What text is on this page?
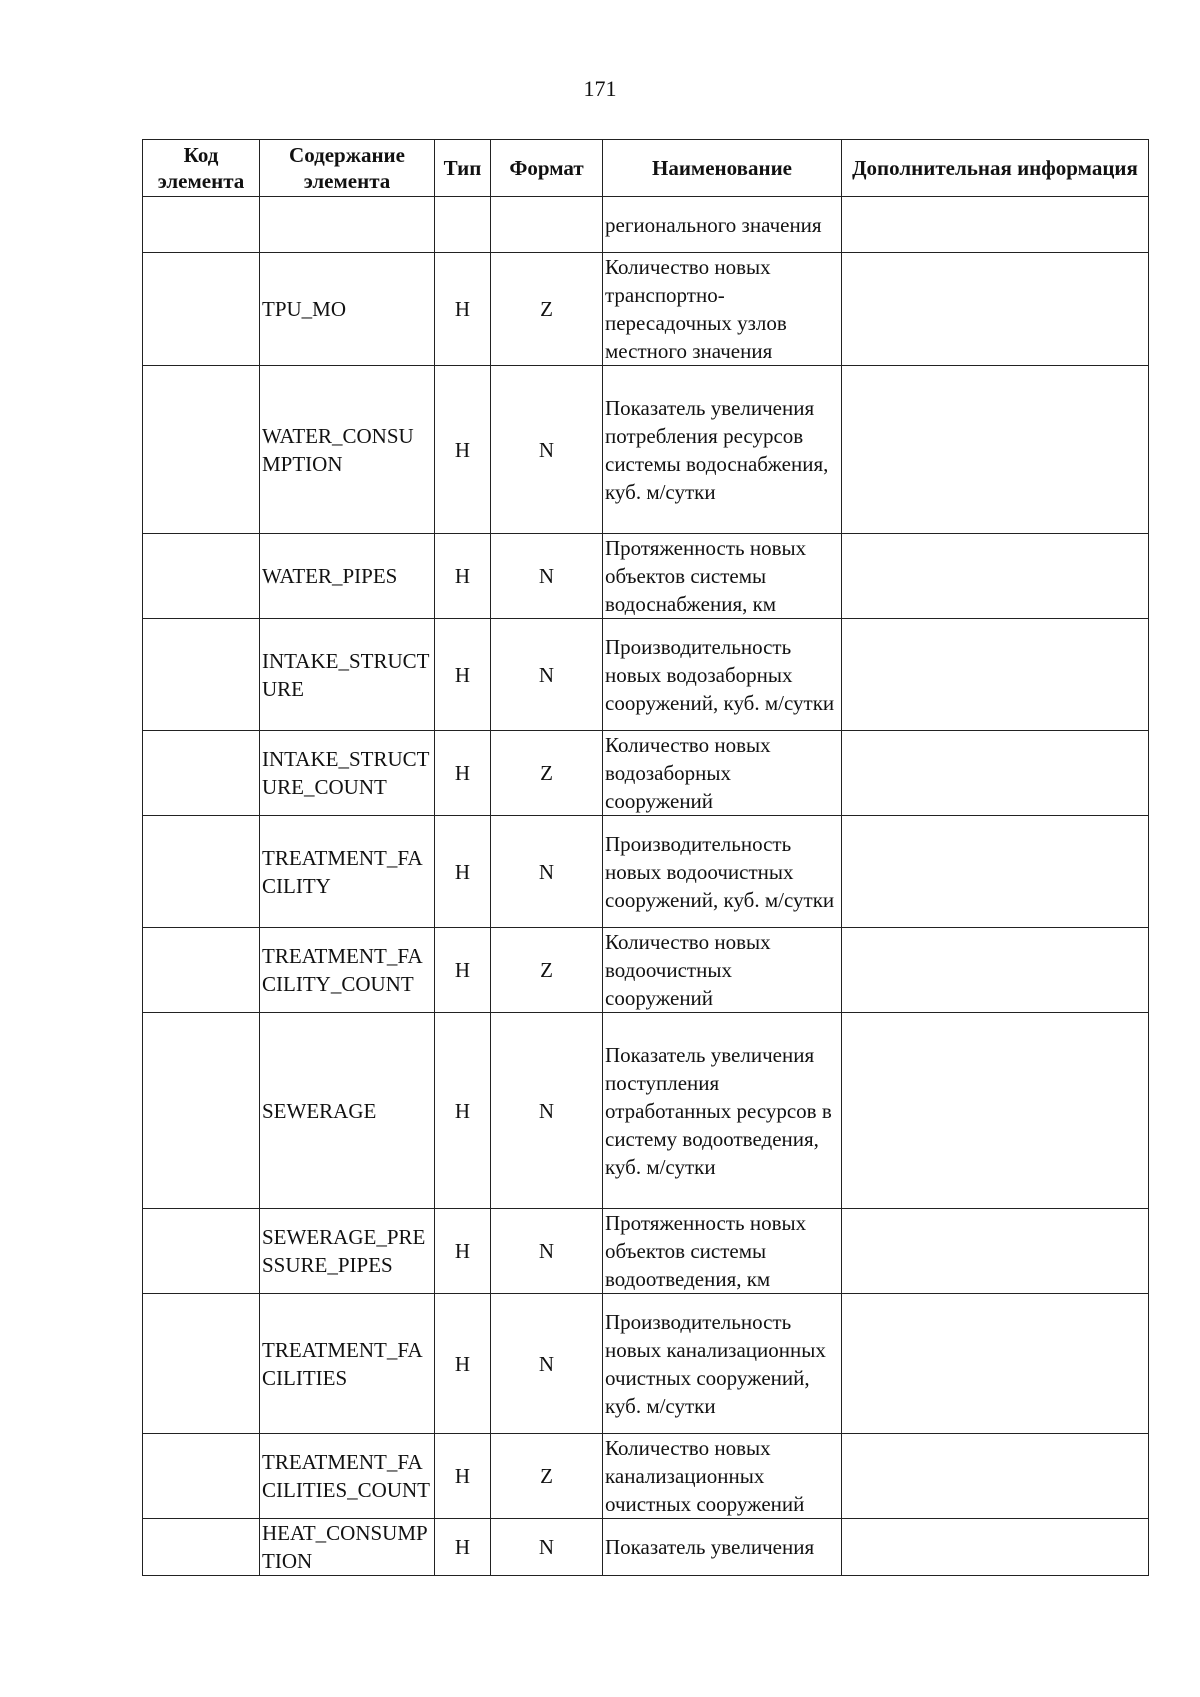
171
Код элемента	Содержание элемента	Тип	Формат	Наименование	Дополнительная информация
				регионального значения	
	TPU_MO	Н	Z	Количество новых транспортно-пересадочных узлов местного значения	
	WATER_CONSUMPTION	Н	N	Показатель увеличения потребления ресурсов системы водоснабжения, куб. м/сутки	
	WATER_PIPES	Н	N	Протяженность новых объектов системы водоснабжения, км	
	INTAKE_STRUCTURE	Н	N	Производительность новых водозаборных сооружений, куб. м/сутки	
	INTAKE_STRUCTURE_COUNT	Н	Z	Количество новых водозаборных сооружений	
	TREATMENT_FACILITY	Н	N	Производительность новых водоочистных сооружений, куб. м/сутки	
	TREATMENT_FACILITY_COUNT	Н	Z	Количество новых водоочистных сооружений	
	SEWERAGE	Н	N	Показатель увеличения поступления отработанных ресурсов в систему водоотведения, куб. м/сутки	
	SEWERAGE_PRESSURE_PIPES	Н	N	Протяженность новых объектов системы водоотведения, км	
	TREATMENT_FACILITIES	Н	N	Производительность новых канализационных очистных сооружений, куб. м/сутки	
	TREATMENT_FACILITIES_COUNT	Н	Z	Количество новых канализационных очистных сооружений	
	HEAT_CONSUMPTION	Н	N	Показатель увеличения	
